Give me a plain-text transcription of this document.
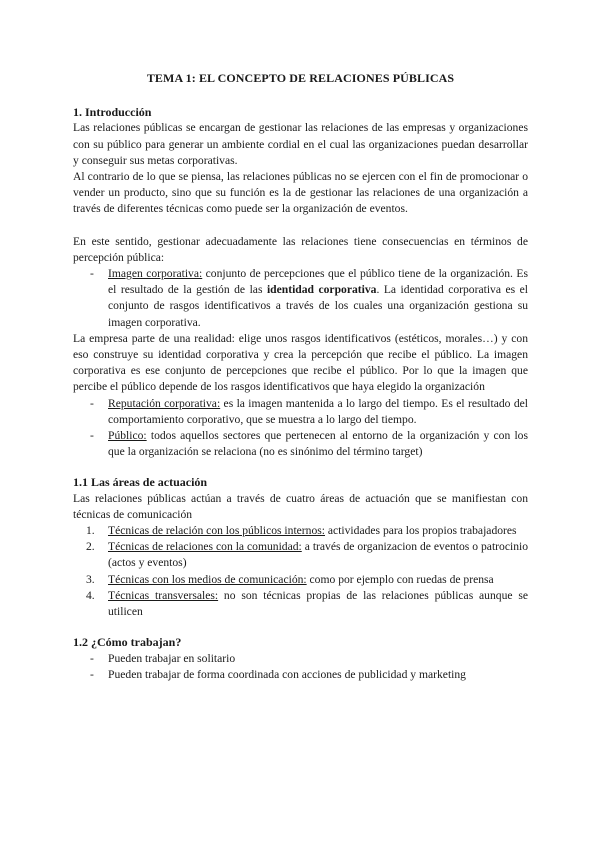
TEMA 1: EL CONCEPTO DE RELACIONES PÚBLICAS
1. Introducción

Las relaciones públicas se encargan de gestionar las relaciones de las empresas y organizaciones con su público para generar un ambiente cordial en el cual las organizaciones puedan desarrollar y conseguir sus metas corporativas.

Al contrario de lo que se piensa, las relaciones públicas no se ejercen con el fin de promocionar o vender un producto, sino que su función es la de gestionar las relaciones de una organización a través de diferentes técnicas como puede ser la organización de eventos.

En este sentido, gestionar adecuadamente las relaciones tiene consecuencias en términos de percepción pública:

- Imagen corporativa: conjunto de percepciones que el público tiene de la organización. Es el resultado de la gestión de las identidad corporativa. La identidad corporativa es el conjunto de rasgos identificativos a través de los cuales una organización gestiona su imagen corporativa.

La empresa parte de una realidad: elige unos rasgos identificativos (estéticos, morales…) y con eso construye su identidad corporativa y crea la percepción que recibe el público. La imagen corporativa es ese conjunto de percepciones que recibe el público. Por lo que la imagen que percibe el público depende de los rasgos identificativos que haya elegido la organización

- Reputación corporativa: es la imagen mantenida a lo largo del tiempo. Es el resultado del comportamiento corporativo, que se muestra a lo largo del tiempo.
- Público: todos aquellos sectores que pertenecen al entorno de la organización y con los que la organización se relaciona (no es sinónimo del término target)
1.1 Las áreas de actuación

Las relaciones públicas actúan a través de cuatro áreas de actuación que se manifiestan con técnicas de comunicación

1. Técnicas de relación con los públicos internos: actividades para los propios trabajadores
2. Técnicas de relaciones con la comunidad: a través de organizacion de eventos o patrocinio (actos y eventos)
3. Técnicas con los medios de comunicación: como por ejemplo con ruedas de prensa
4. Técnicas transversales: no son técnicas propias de las relaciones públicas aunque se utilicen
1.2 ¿Cómo trabajan?
- Pueden trabajar en solitario
- Pueden trabajar de forma coordinada con acciones de publicidad y marketing
